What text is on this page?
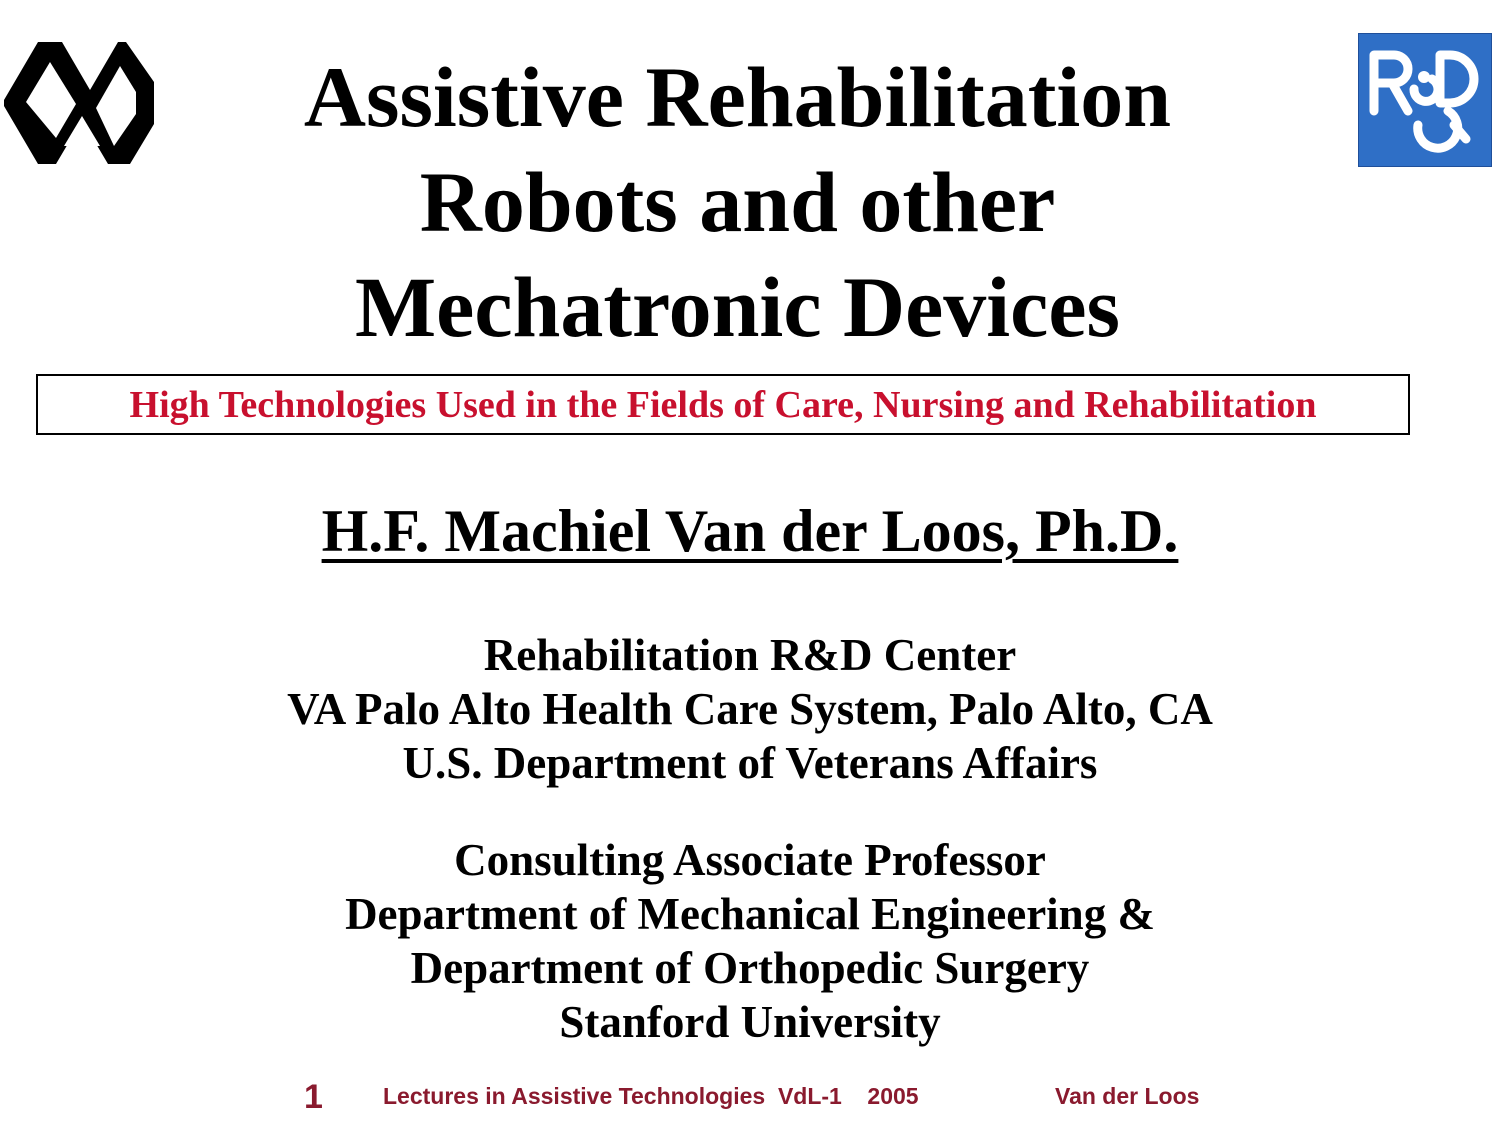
Assistive Rehabilitation
Robots and other
Mechatronic Devices
High Technologies Used in the Fields of Care, Nursing and Rehabilitation
H.F. Machiel Van der Loos, Ph.D.
Rehabilitation R&D Center
VA Palo Alto Health Care System, Palo Alto, CA
U.S. Department of Veterans Affairs
Consulting Associate Professor
Department of Mechanical Engineering &
Department of Orthopedic Surgery
Stanford University
1	Lectures in Assistive Technologies  VdL-1    2005	Van der Loos
